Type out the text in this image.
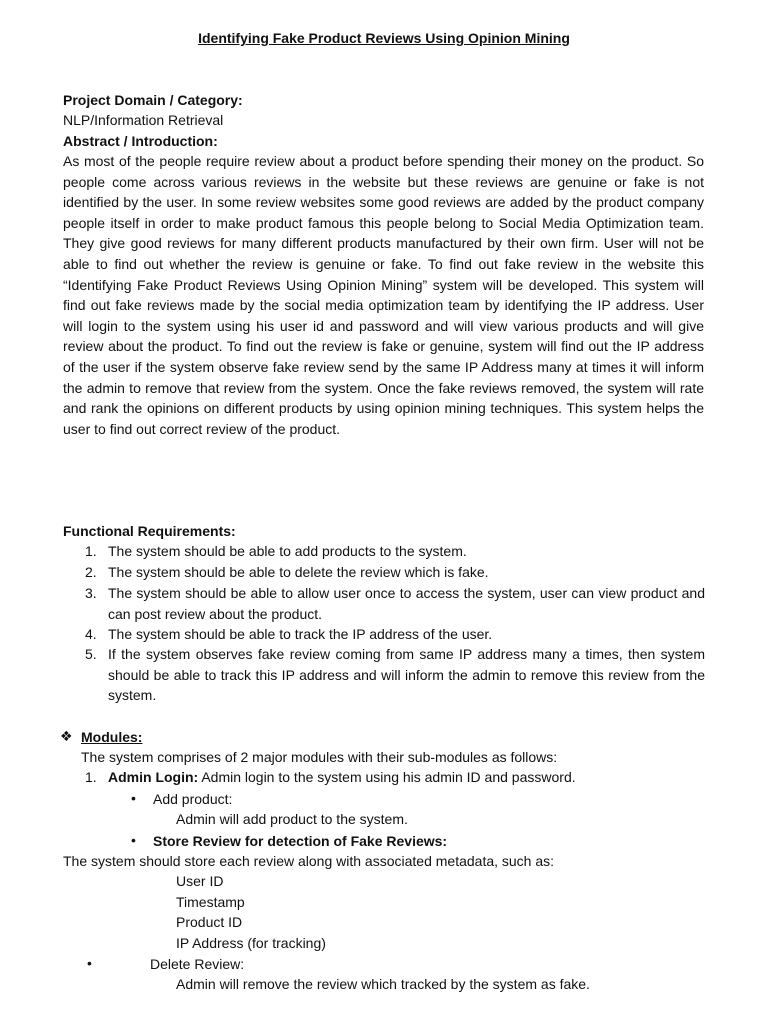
Identifying Fake Product Reviews Using Opinion Mining
Project Domain / Category:
NLP/Information Retrieval
Abstract / Introduction:
As most of the people require review about a product before spending their money on the product. So people come across various reviews in the website but these reviews are genuine or fake is not identified by the user. In some review websites some good reviews are added by the product company people itself in order to make product famous this people belong to Social Media Optimization team. They give good reviews for many different products manufactured by their own firm. User will not be able to find out whether the review is genuine or fake. To find out fake review in the website this “Identifying Fake Product Reviews Using Opinion Mining” system will be developed. This system will find out fake reviews made by the social media optimization team by identifying the IP address. User will login to the system using his user id and password and will view various products and will give review about the product. To find out the review is fake or genuine, system will find out the IP address of the user if the system observe fake review send by the same IP Address many at times it will inform the admin to remove that review from the system. Once the fake reviews removed, the system will rate and rank the opinions on different products by using opinion mining techniques. This system helps the user to find out correct review of the product.
Functional Requirements:
1. The system should be able to add products to the system.
2. The system should be able to delete the review which is fake.
3. The system should be able to allow user once to access the system, user can view product and can post review about the product.
4. The system should be able to track the IP address of the user.
5. If the system observes fake review coming from same IP address many a times, then system should be able to track this IP address and will inform the admin to remove this review from the system.
❖ Modules:
The system comprises of 2 major modules with their sub-modules as follows:
1. Admin Login: Admin login to the system using his admin ID and password.
• Add product:
Admin will add product to the system.
• Store Review for detection of Fake Reviews:
The system should store each review along with associated metadata, such as:
User ID
Timestamp
Product ID
IP Address (for tracking)
•	Delete Review:
Admin will remove the review which tracked by the system as fake.
